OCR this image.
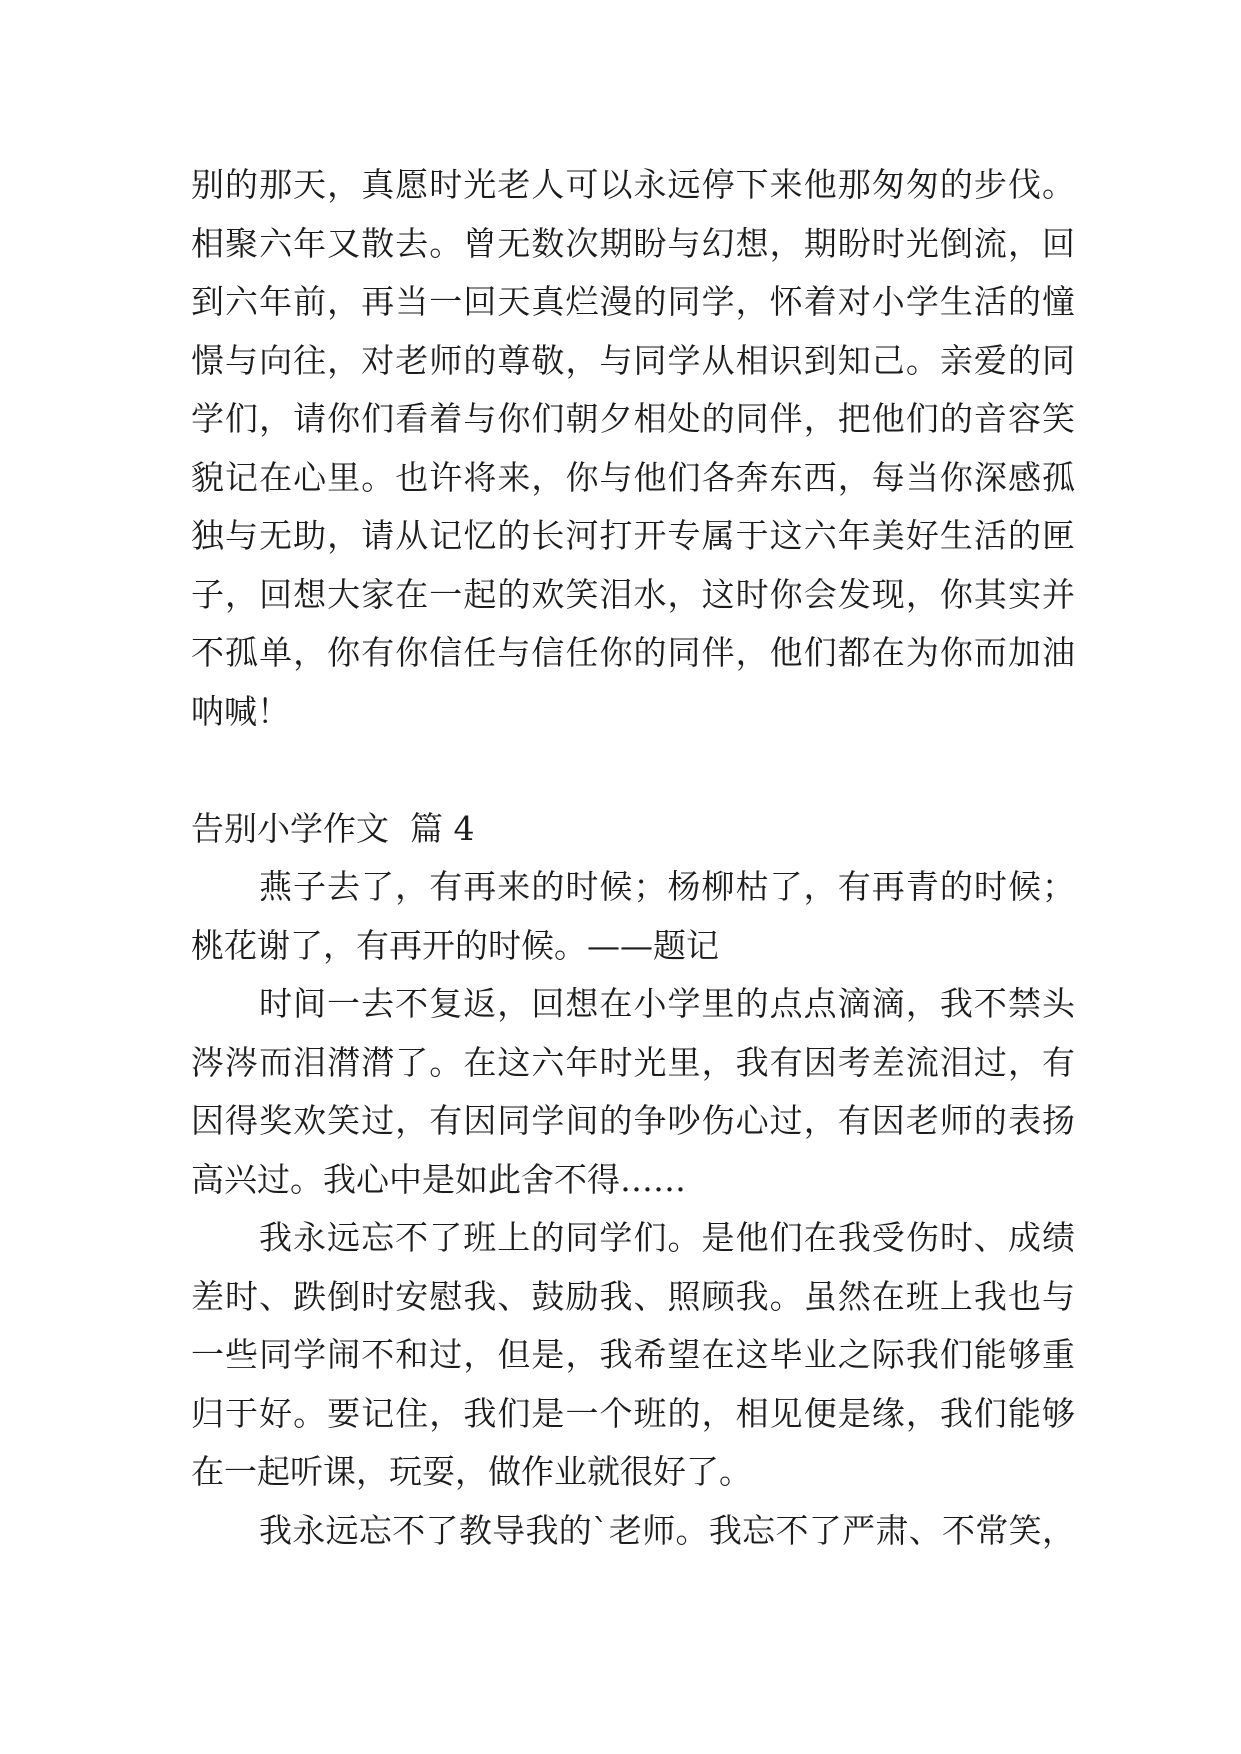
别的那天，真愿时光老人可以永远停下来他那匆匆的步伐。
相聚六年又散去。曾无数次期盼与幻想，期盼时光倒流，回
到六年前，再当一回天真烂漫的同学，怀着对小学生活的憧
憬与向往，对老师的尊敬，与同学从相识到知己。亲爱的同
学们，请你们看着与你们朝夕相处的同伴，把他们的音容笑
貌记在心里。也许将来，你与他们各奔东西，每当你深感孤
独与无助，请从记忆的长河打开专属于这六年美好生活的匣
子，回想大家在一起的欢笑泪水，这时你会发现，你其实并
不孤单，你有你信任与信任你的同伴，他们都在为你而加油
呐喊！
告别小学作文  篇 4
燕子去了，有再来的时候；杨柳枯了，有再青的时候；
桃花谢了，有再开的时候。——题记
时间一去不复返，回想在小学里的点点滴滴，我不禁头
涔涔而泪潸潸了。在这六年时光里，我有因考差流泪过，有
因得奖欢笑过，有因同学间的争吵伤心过，有因老师的表扬
高兴过。我心中是如此舍不得……
我永远忘不了班上的同学们。是他们在我受伤时、成绩
差时、跌倒时安慰我、鼓励我、照顾我。虽然在班上我也与
一些同学闹不和过，但是，我希望在这毕业之际我们能够重
归于好。要记住，我们是一个班的，相见便是缘，我们能够
在一起听课，玩耍，做作业就很好了。
我永远忘不了教导我的`老师。我忘不了严肃、不常笑，
